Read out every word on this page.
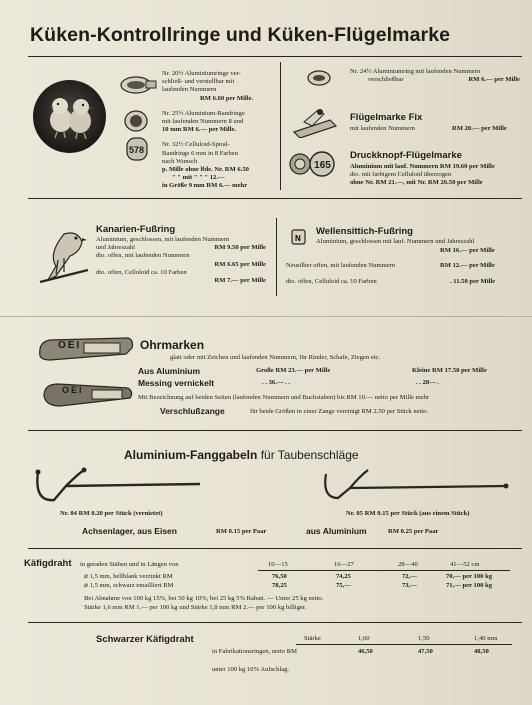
Küken-Kontrollringe und Küken-Flügelmarke
578
Nr. 20½ Aluminiumringe ver-
schließ- und verstellbar mit
laufenden Nummern
RM 6.60 per Mille.
Nr. 25½ Aluminium-Bandringe
mit laufenden Nummern 8 und
10 mm RM 6.— per Mille.
Nr. 32½ Celluloid-Spiral-
Bandringe 6 mm in 8 Farben
nach Wunsch
p. Mille ohne lfde. Nr. RM 6.50
" " mit " " " 12.—
in Größe 9 mm RM 6.— mehr
Nr. 24½ Aluminiumring mit laufenden Nummern
verschließbar	RM 6.— per Mille
Flügelmarke Fix
mit laufenden Nummern	RM 20.— per Mille
165
Druckknopf-Flügelmarke
Aluminium mit lauf. Nummern RM 19.60 per Mille
dto. mit farbigem Celluloid überzogen
ohne Nr. RM 21.—, mit Nr. RM 26.50 per Mille
Kanarien-Fußring
Aluminium, geschlossen, mit laufenden Nummern
und Jahreszahl	RM 9.50 per Mille
dto. offen, mit laufenden Nummern
RM 6.65 per Mille
dto. offen, Celluloid ca. 10 Farben
RM 7.— per Mille
N
Wellensittich-Fußring
Aluminium, geschlossen mit lauf. Nummern und Jahreszahl
RM 16.— per Mille
Neusilber offen, mit laufenden Nummern	RM 12.— per Mille
dto. offen, Celluloid ca. 10 Farben	. 11.50 per Mille
OEI
OEI
Ohrmarken
glatt oder mit Zeichen und laufenden Nummern, für Rinder, Schafe, Ziegen etc.
Aus Aluminium	Große RM 23.— per Mille	Kleine RM 17.50 per Mille
Messing vernickelt	. . 36.— . .	. . 28— .
Mit Bezeichnung auf beiden Seiten (laufenden Nummern und Buchstaben) bis RM 10.— netto per Mille mehr
Verschlußzange	für beide Größen in einer Zange vereinigt RM 2.50 per Stück netto.
Aluminium-Fanggabeln für Taubenschläge
Nr. 04 RM 0.20 per Stück (vernietet)	Nr. 05 RM 0.15 per Stück (aus einem Stück)
Achsenlager, aus Eisen	RM 0.15 per Paar	aus Aluminium	RM 0.25 per Paar
Käfigdraht in geraden Stäben und in Längen von	10—15	16—27	28—40	41—52 cm
⌀ 1,5 mm, hellblank verzinkt RM	76,50	74,25	72,—	70,— per 100 kg
⌀ 1,5 mm, schwarz emailliert RM	78,25	75,—	73,—	71,— per 100 kg
Bei Abnahme von 100 kg 15%, bei 50 kg 10%, bei 25 kg 5% Rabatt. — Unter 25 kg netto.
Stärke 1,6 mm RM 1.— per 100 kg und Stärke 1,8 mm RM 2.— per 100 kg billiger.
Schwarzer Käfigdraht	Stärke	1,60	1,50	1,40 mm
in Fabrikationsringen, netto RM	46,50	47,50	48,50
unter 100 kg 10% Aufschlag.
